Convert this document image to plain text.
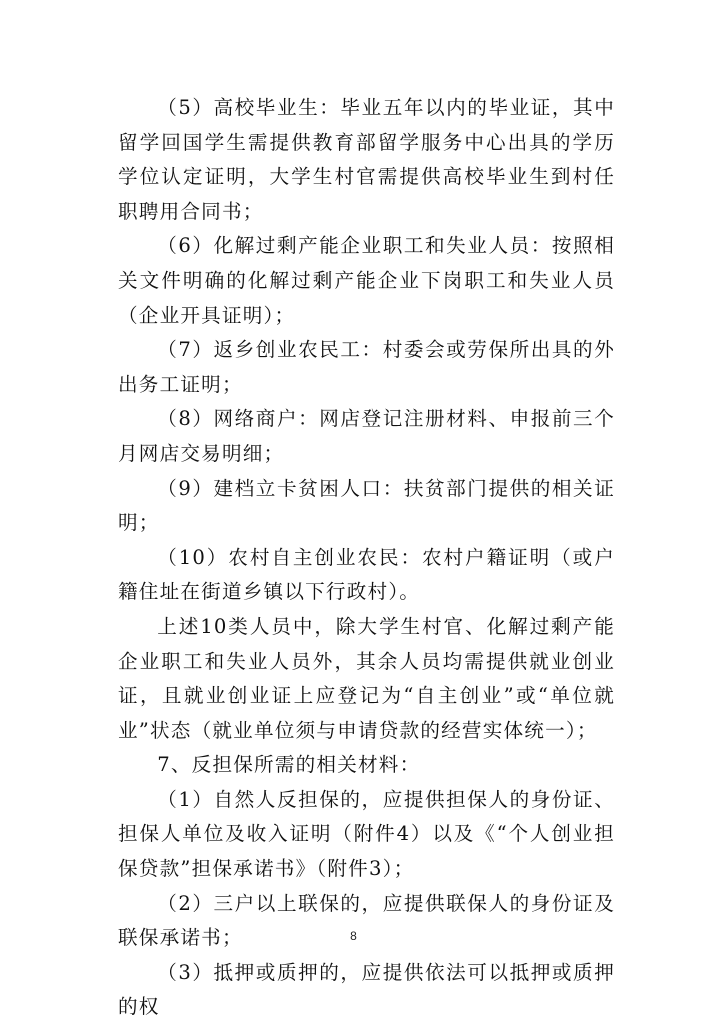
（5）高校毕业生：毕业五年以内的毕业证，其中留学回国学生需提供教育部留学服务中心出具的学历学位认定证明，大学生村官需提供高校毕业生到村任职聘用合同书；

（6）化解过剩产能企业职工和失业人员：按照相关文件明确的化解过剩产能企业下岗职工和失业人员（企业开具证明）；

（7）返乡创业农民工：村委会或劳保所出具的外出务工证明；

（8）网络商户：网店登记注册材料、申报前三个月网店交易明细；

（9）建档立卡贫困人口：扶贫部门提供的相关证明；

（10）农村自主创业农民：农村户籍证明（或户籍住址在街道乡镇以下行政村）。

上述10类人员中，除大学生村官、化解过剩产能企业职工和失业人员外，其余人员均需提供就业创业证，且就业创业证上应登记为“自主创业”或“单位就业”状态（就业单位须与申请贷款的经营实体统一）；

7、反担保所需的相关材料：

（1）自然人反担保的，应提供担保人的身份证、担保人单位及收入证明（附件4）以及《“个人创业担保贷款”担保承诺书》（附件3）；

（2）三户以上联保的，应提供联保人的身份证及联保承诺书；

（3）抵押或质押的，应提供依法可以抵押或质押的权

8
